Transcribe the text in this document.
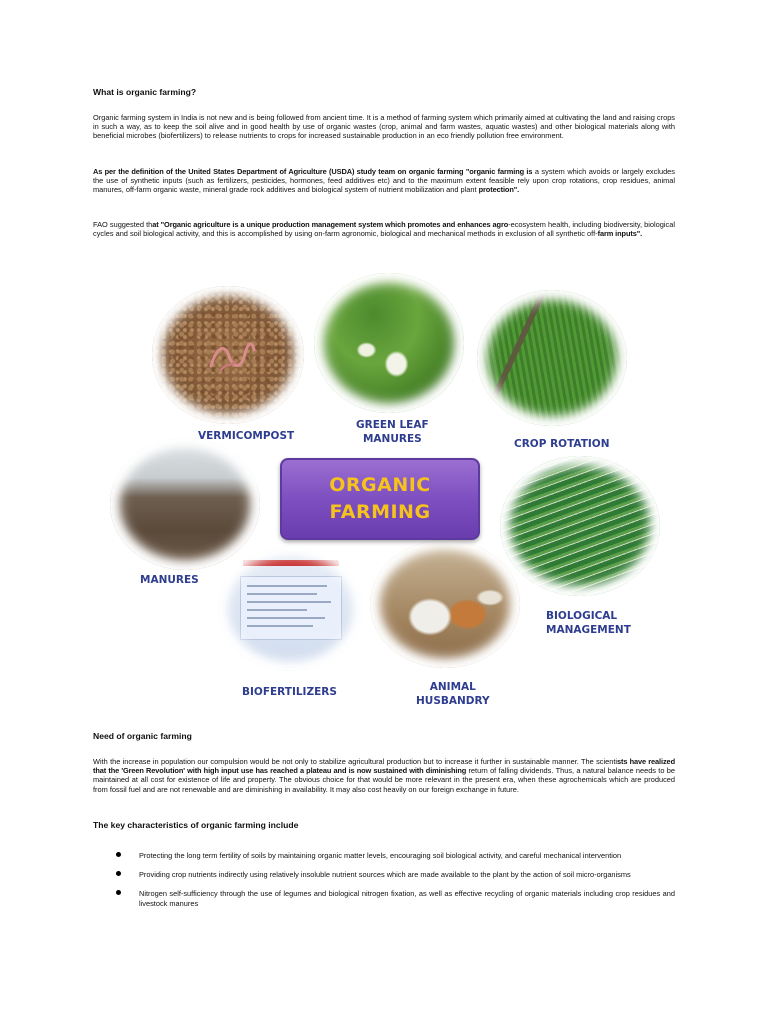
What is organic farming?

Organic farming system in India is not new and is being followed from ancient time. It is a method of farming system which primarily aimed at cultivating the land and raising crops in such a way, as to keep the soil alive and in good health by use of organic wastes (crop, animal and farm wastes, aquatic wastes) and other biological materials along with beneficial microbes (biofertilizers) to release nutrients to crops for increased sustainable production in an eco friendly pollution free environment.

As per the definition of the United States Department of Agriculture (USDA) study team on organic farming "organic farming is a system which avoids or largely excludes the use of synthetic inputs (such as fertilizers, pesticides, hormones, feed additives etc) and to the maximum extent feasible rely upon crop rotations, crop residues, animal manures, off-farm organic waste, mineral grade rock additives and biological system of nutrient mobilization and plant protection".

FAO suggested that "Organic agriculture is a unique production management system which promotes and enhances agro-ecosystem health, including biodiversity, biological cycles and soil biological activity, and this is accomplished by using on-farm agronomic, biological and mechanical methods in exclusion of all synthetic off-farm inputs".

ORGANIC
FARMING
VERMICOMPOST
GREEN LEAF
MANURES	CROP ROTATION
MANURES
BIOLOGICAL
MANAGEMENT
BIOFERTILIZERS	ANIMAL
HUSBANDRY
Need of organic farming

With the increase in population our compulsion would be not only to stabilize agricultural production but to increase it further in sustainable manner. The scientists have realized that the 'Green Revolution' with high input use has reached a plateau and is now sustained with diminishing return of falling dividends. Thus, a natural balance needs to be maintained at all cost for existence of life and property. The obvious choice for that would be more relevant in the present era, when these agrochemicals which are produced from fossil fuel and are not renewable and are diminishing in availability. It may also cost heavily on our foreign exchange in future.

The key characteristics of organic farming include
Protecting the long term fertility of soils by maintaining organic matter levels, encouraging soil biological activity, and careful mechanical intervention
Providing crop nutrients indirectly using relatively insoluble nutrient sources which are made available to the plant by the action of soil micro-organisms
Nitrogen self-sufficiency through the use of legumes and biological nitrogen fixation, as well as effective recycling of organic materials including crop residues and livestock manures
